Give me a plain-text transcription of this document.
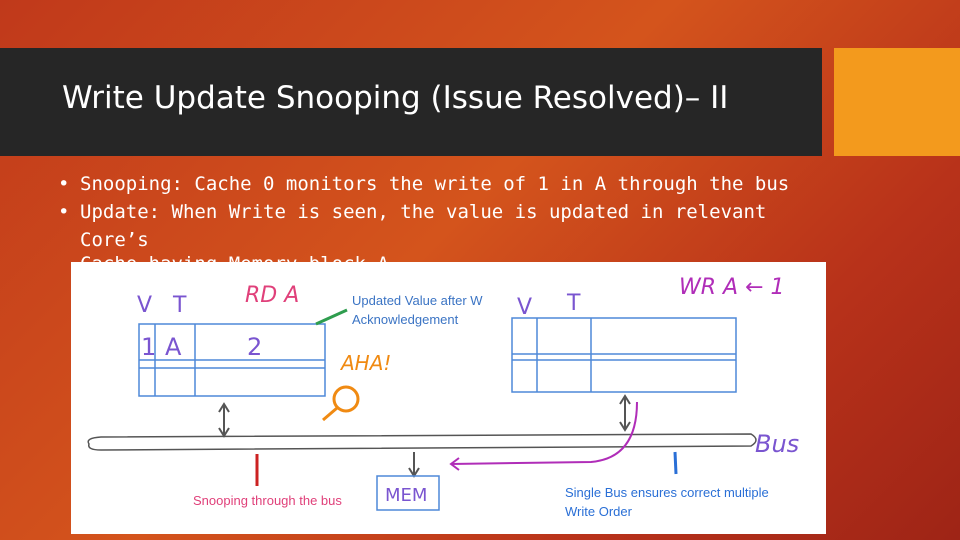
Write Update Snooping (Issue Resolved)– II
• Snooping: Cache 0 monitors the write of 1 in A through the bus
• Update: When Write is seen, the value is updated in relevant Core’s
V T	RD A
1 A	2
Updated Value after W
Acknowledgement
AHA!
V T
WR A ← 1
Bus
MEM
Snooping through the bus
Single Bus ensures correct multiple
Write Order
